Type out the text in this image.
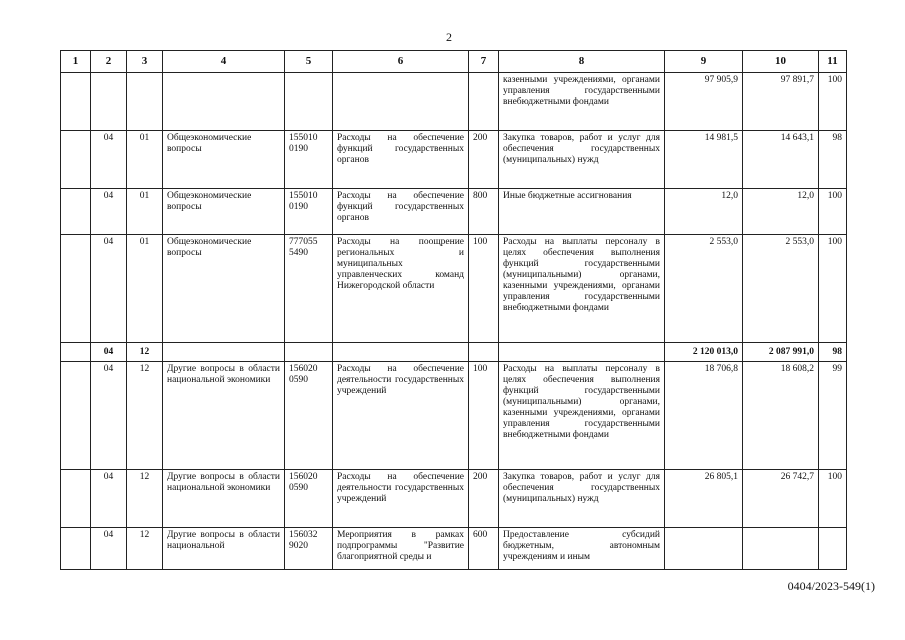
2
1	2	3	4	5	6	7	8	9	10	11
							казенными учреждениями, органами управления государственными внебюджетными фондами	97 905,9	97 891,7	100
	04	01	Общеэкономические вопросы	155010 0190	Расходы на обеспечение функций государственных органов	200	Закупка товаров, работ и услуг для обеспечения государственных (муниципальных) нужд	14 981,5	14 643,1	98
	04	01	Общеэкономические вопросы	155010 0190	Расходы на обеспечение функций государственных органов	800	Иные бюджетные ассигнования	12,0	12,0	100
	04	01	Общеэкономические вопросы	777055 5490	Расходы на поощрение региональных и муниципальных управленческих команд Нижегородской области	100	Расходы на выплаты персоналу в целях обеспечения выполнения функций государственными (муниципальными) органами, казенными учреждениями, органами управления государственными внебюджетными фондами	2 553,0	2 553,0	100
	04	12						2 120 013,0	2 087 991,0	98
	04	12	Другие вопросы в области национальной экономики	156020 0590	Расходы на обеспечение деятельности государственных учреждений	100	Расходы на выплаты персоналу в целях обеспечения выполнения функций государственными (муниципальными) органами, казенными учреждениями, органами управления государственными внебюджетными фондами	18 706,8	18 608,2	99
	04	12	Другие вопросы в области национальной экономики	156020 0590	Расходы на обеспечение деятельности государственных учреждений	200	Закупка товаров, работ и услуг для обеспечения государственных (муниципальных) нужд	26 805,1	26 742,7	100
	04	12	Другие вопросы в области национальной	156032 9020	Мероприятия в рамках подпрограммы "Развитие благоприятной среды и	600	Предоставление субсидий бюджетным, автономным учреждениям и иным			
0404/2023-549(1)
